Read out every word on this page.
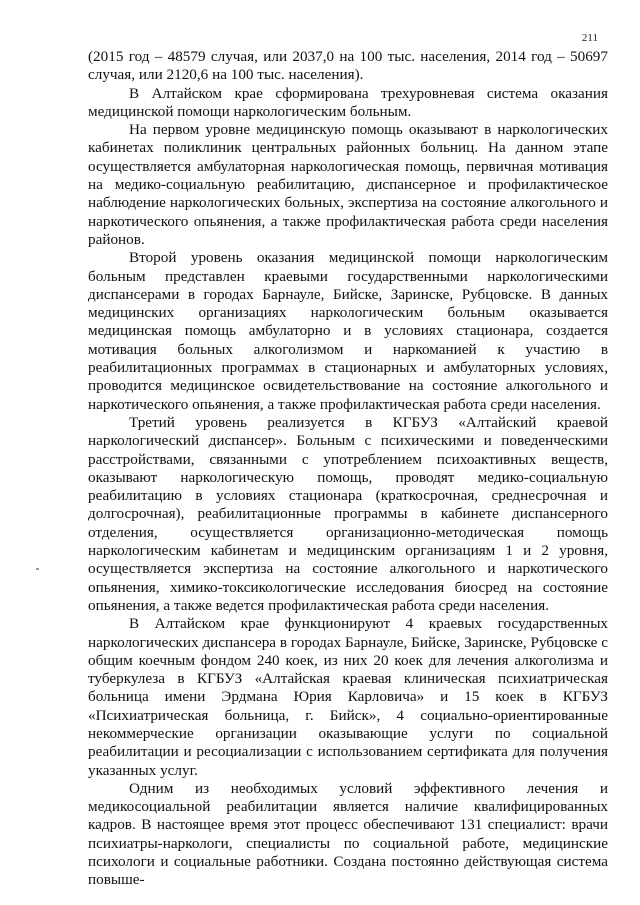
211

(2015 год – 48579 случая, или 2037,0 на 100 тыс. населения, 2014 год – 50697 случая, или 2120,6 на 100 тыс. населения).

В Алтайском крае сформирована трехуровневая система оказания медицинской помощи наркологическим больным.

На первом уровне медицинскую помощь оказывают в наркологических кабинетах поликлиник центральных районных больниц. На данном этапе осуществляется амбулаторная наркологическая помощь, первичная мотивация на медико-социальную реабилитацию, диспансерное и профилактическое наблюдение наркологических больных, экспертиза на состояние алкогольного и наркотического опьянения, а также профилактическая работа среди населения районов.

Второй уровень оказания медицинской помощи наркологическим больным представлен краевыми государственными наркологическими диспансерами в городах Барнауле, Бийске, Заринске, Рубцовске. В данных медицинских организациях наркологическим больным оказывается медицинская помощь амбулаторно и в условиях стационара, создается мотивация больных алкоголизмом и наркоманией к участию в реабилитационных программах в стационарных и амбулаторных условиях, проводится медицинское освидетельствование на состояние алкогольного и наркотического опьянения, а также профилактическая работа среди населения.

Третий уровень реализуется в КГБУЗ «Алтайский краевой наркологический диспансер». Больным с психическими и поведенческими расстройствами, связанными с употреблением психоактивных веществ, оказывают наркологическую помощь, проводят медико-социальную реабилитацию в условиях стационара (краткосрочная, среднесрочная и долгосрочная), реабилитационные программы в кабинете диспансерного отделения, осуществляется организационно-методическая помощь наркологическим кабинетам и медицинским организациям 1 и 2 уровня, осуществляется экспертиза на состояние алкогольного и наркотического опьянения, химико-токсикологические исследования биосред на состояние опьянения, а также ведется профилактическая работа среди населения.

В Алтайском крае функционируют 4 краевых государственных наркологических диспансера в городах Барнауле, Бийске, Заринске, Рубцовске с общим коечным фондом 240 коек, из них 20 коек для лечения алкоголизма и туберкулеза в КГБУЗ «Алтайская краевая клиническая психиатрическая больница имени Эрдмана Юрия Карловича» и 15 коек в КГБУЗ «Психиатрическая больница, г. Бийск», 4 социально-ориентированные некоммерческие организации оказывающие услуги по социальной реабилитации и ресоциализации с использованием сертификата для получения указанных услуг.

Одним из необходимых условий эффективного лечения и медикосоциальной реабилитации является наличие квалифицированных кадров. В настоящее время этот процесс обеспечивают 131 специалист: врачи психиатры-наркологи, специалисты по социальной работе, медицинские психологи и социальные работники. Создана постоянно действующая система повыше-
